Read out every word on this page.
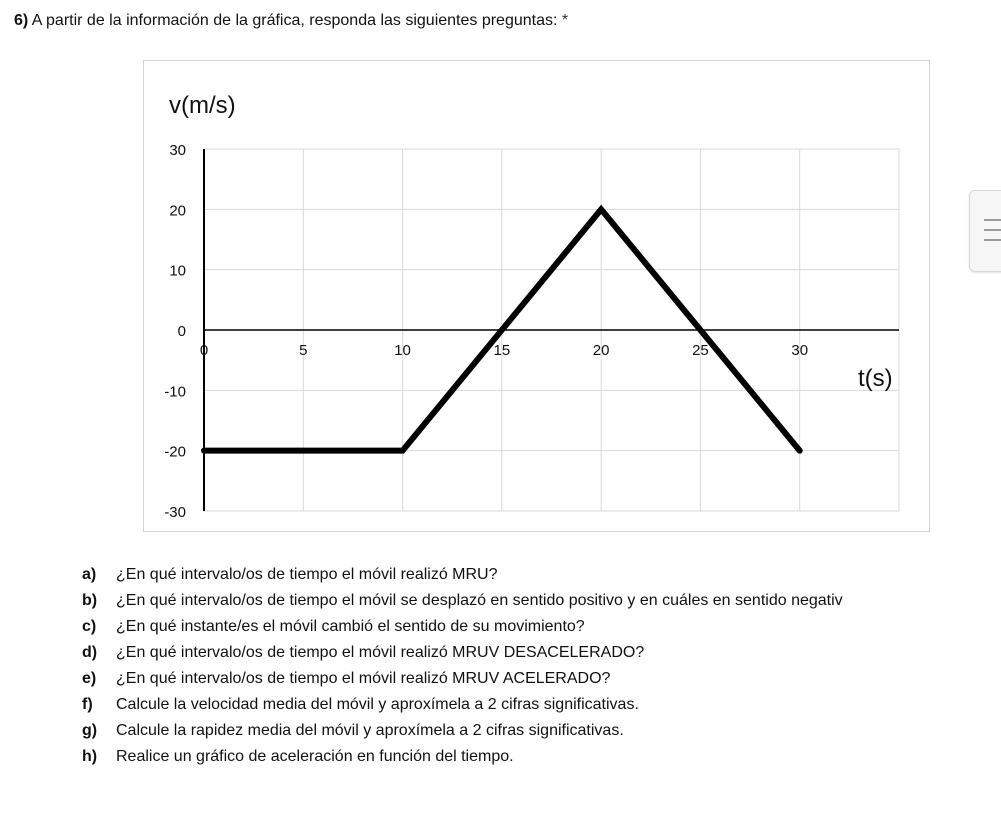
6) A partir de la información de la gráfica, responda las siguientes preguntas: *
30
20
10
0
-10
-20
-30
0	5	10	15	20	25	30
v(m/s)
t(s)
a)	¿En qué intervalo/os de tiempo el móvil realizó MRU?
b)	¿En qué intervalo/os de tiempo el móvil se desplazó en sentido positivo y en cuáles en sentido negativ
c)	¿En qué instante/es el móvil cambió el sentido de su movimiento?
d)	¿En qué intervalo/os de tiempo el móvil realizó MRUV DESACELERADO?
e)	¿En qué intervalo/os de tiempo el móvil realizó MRUV ACELERADO?
f)	Calcule la velocidad media del móvil y aproxímela a 2 cifras significativas.
g)	Calcule la rapidez media del móvil y aproxímela a 2 cifras significativas.
h)	Realice un gráfico de aceleración en función del tiempo.
